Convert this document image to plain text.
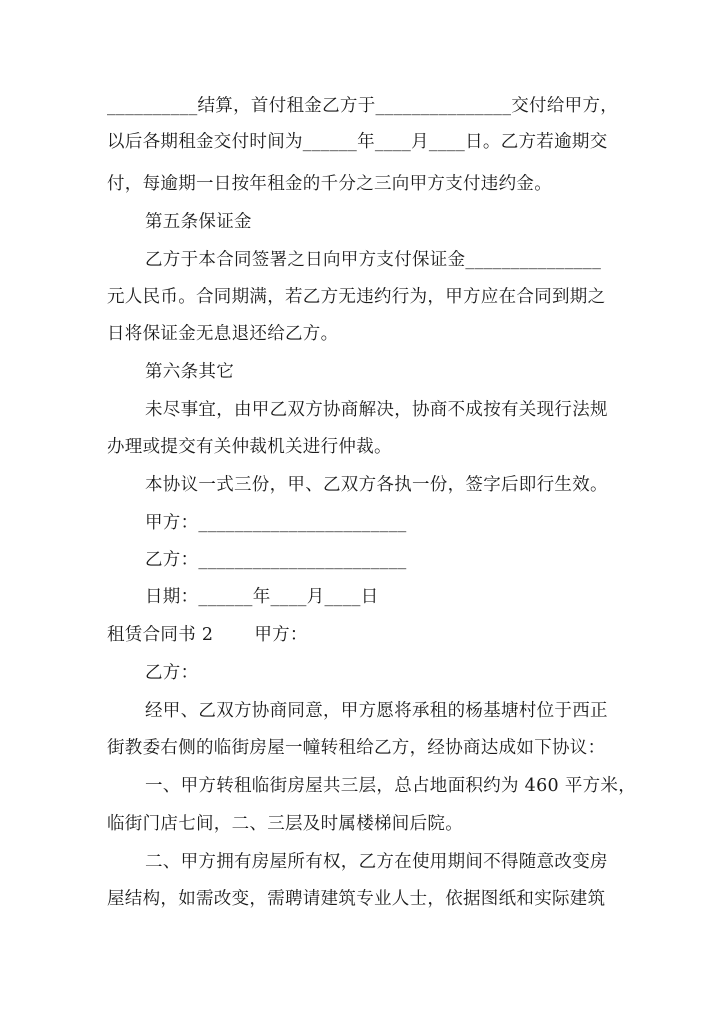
__________结算，首付租金乙方于_______________交付给甲方，
以后各期租金交付时间为______年____月____日。乙方若逾期交
付，每逾期一日按年租金的千分之三向甲方支付违约金。
第五条保证金
乙方于本合同签署之日向甲方支付保证金_______________
元人民币。合同期满，若乙方无违约行为，甲方应在合同到期之
日将保证金无息退还给乙方。
第六条其它
未尽事宜，由甲乙双方协商解决，协商不成按有关现行法规
办理或提交有关仲裁机关进行仲裁。
本协议一式三份，甲、乙双方各执一份，签字后即行生效。
甲方：_______________________
乙方：_______________________
日期：______年____月____日
租赁合同书 2       甲方：
乙方：
经甲、乙双方协商同意，甲方愿将承租的杨基塘村位于西正
街教委右侧的临街房屋一幢转租给乙方，经协商达成如下协议：
一、甲方转租临街房屋共三层，总占地面积约为 460 平方米，
临街门店七间，二、三层及时属楼梯间后院。
二、甲方拥有房屋所有权，乙方在使用期间不得随意改变房
屋结构，如需改变，需聘请建筑专业人士，依据图纸和实际建筑
